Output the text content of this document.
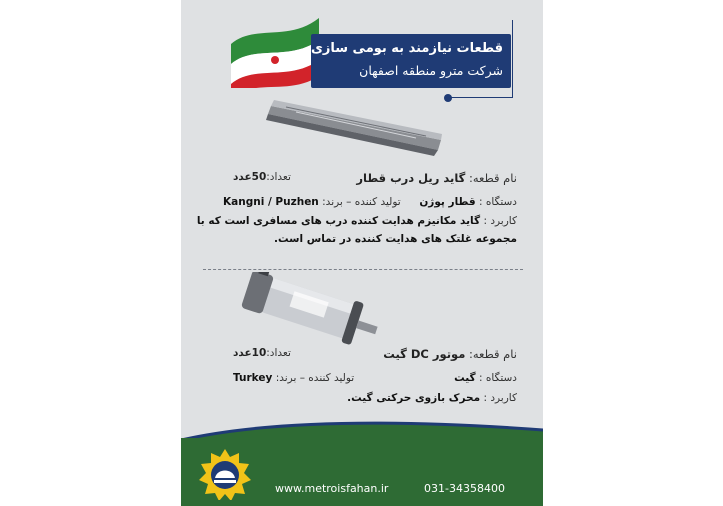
قطعات نیازمند به بومی سازی
شرکت مترو منطقه اصفهان
نام قطعه: گاید ریل درب قطار
تعداد:50عدد
دستگاه : قطار پوژن
تولید کننده – برند: Kangni / Puzhen
کاربرد : گاید مکانیزم هدایت کننده درب های مسافری است که با
مجموعه غلتک های هدایت کننده در تماس است.
نام قطعه: موتور DC گیت
تعداد:10عدد
دستگاه : گیت
تولید کننده – برند: Turkey
کاربرد : محرک بازوی حرکتی گیت.
www.metroisfahan.ir	031-34358400
